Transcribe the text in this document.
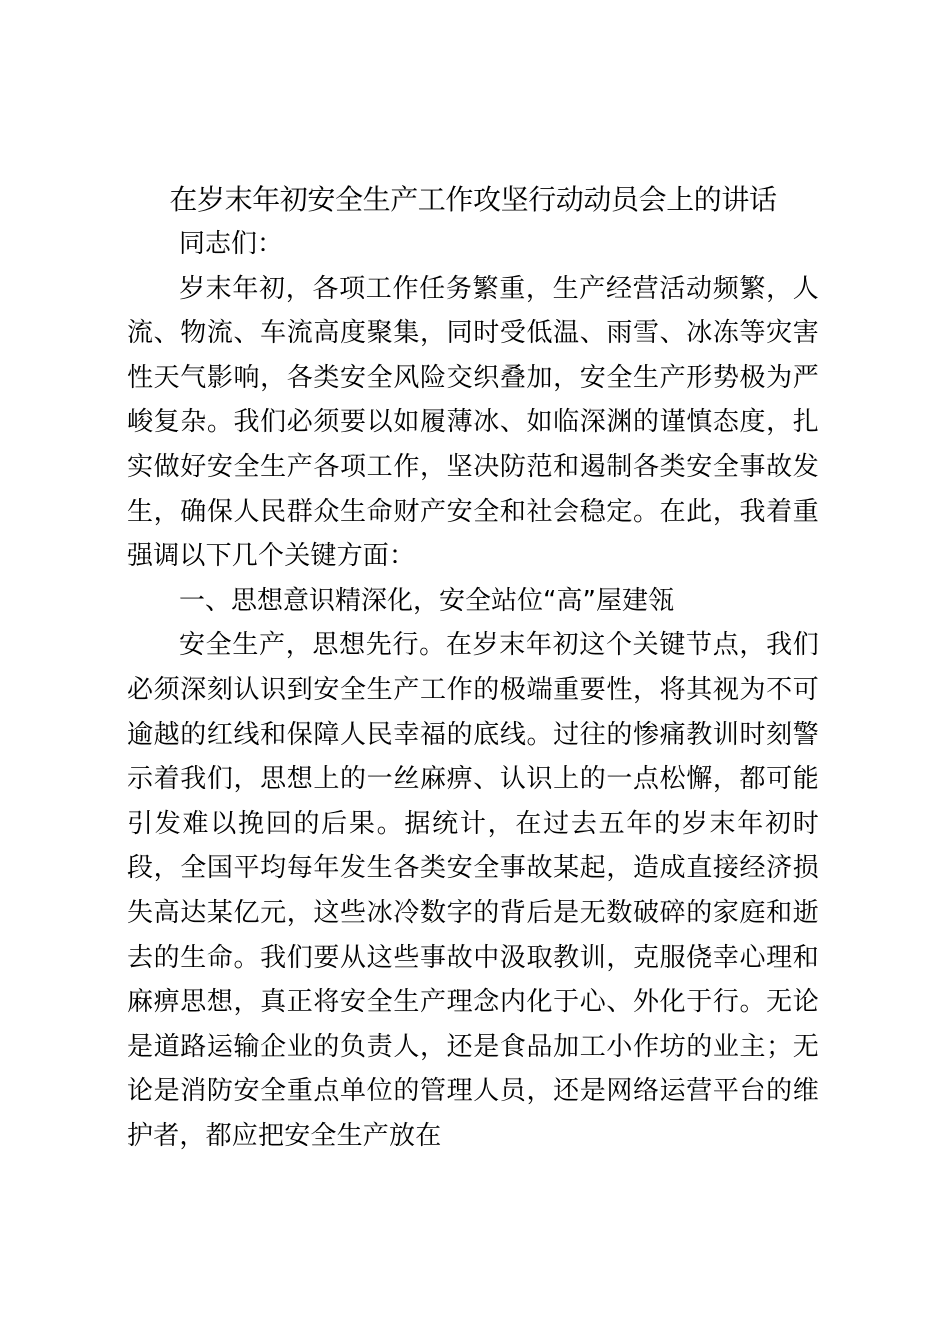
在岁末年初安全生产工作攻坚行动动员会上的讲话

同志们：

岁末年初，各项工作任务繁重，生产经营活动频繁，人流、物流、车流高度聚集，同时受低温、雨雪、冰冻等灾害性天气影响，各类安全风险交织叠加，安全生产形势极为严峻复杂。我们必须要以如履薄冰、如临深渊的谨慎态度，扎实做好安全生产各项工作，坚决防范和遏制各类安全事故发生，确保人民群众生命财产安全和社会稳定。在此，我着重强调以下几个关键方面：

一、思想意识精深化，安全站位“高”屋建瓴

安全生产，思想先行。在岁末年初这个关键节点，我们必须深刻认识到安全生产工作的极端重要性，将其视为不可逾越的红线和保障人民幸福的底线。过往的惨痛教训时刻警示着我们，思想上的一丝麻痹、认识上的一点松懈，都可能引发难以挽回的后果。据统计，在过去五年的岁末年初时段，全国平均每年发生各类安全事故某起，造成直接经济损失高达某亿元，这些冰冷数字的背后是无数破碎的家庭和逝去的生命。我们要从这些事故中汲取教训，克服侥幸心理和麻痹思想，真正将安全生产理念内化于心、外化于行。无论是道路运输企业的负责人，还是食品加工小作坊的业主；无论是消防安全重点单位的管理人员，还是网络运营平台的维护者，都应把安全生产放在
